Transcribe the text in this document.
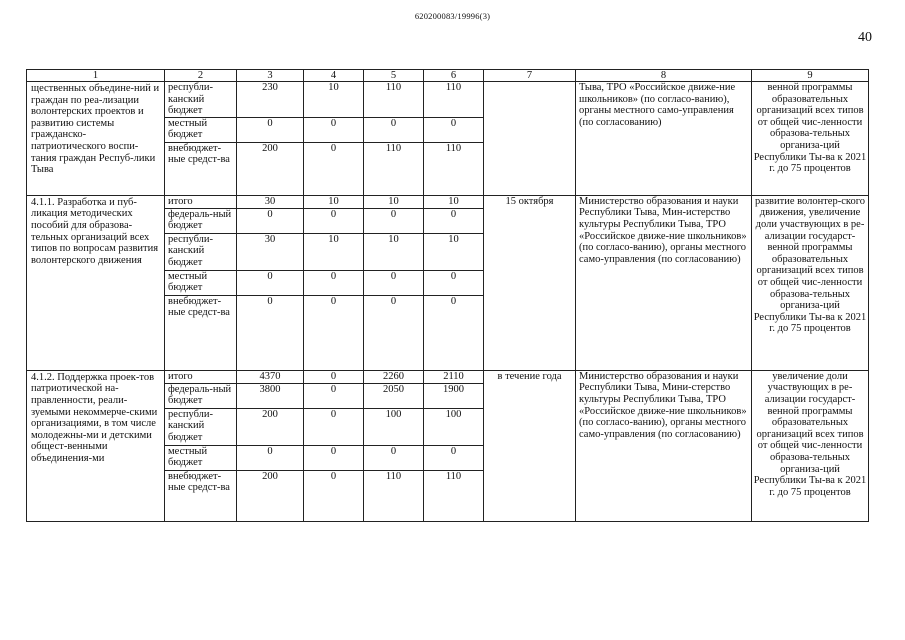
620200083/19996(3)
40
1	2	3	4	5	6	7	8	9
щественных объедине-ний и граждан по реа-лизации волонтерских проектов и развитию системы гражданско-патриотического воспи-тания граждан Респуб-лики Тыва	республи-канский бюджет	230	10	110	110		Тыва, ТРО «Российское движе-ние школьников» (по согласо-ванию), органы местного само-управления (по согласованию)	венной программы образовательных организаций всех типов от общей чис-ленности образова-тельных организа-ций Республики Ты-ва к 2021 г. до 75 процентов
	местный бюджет	0	0	0	0			
	внебюджет-ные средст-ва	200	0	110	110			
4.1.1. Разработка и пуб-ликация методических пособий для образова-тельных организаций всех типов по вопросам развития волонтерского движения	итого	30	10	10	10	15 октября	Министерство образования и науки Республики Тыва, Мин-истерство культуры Республики Тыва, ТРО «Российское движе-ние школьников» (по согласо-ванию), органы местного само-управления (по согласованию)	развитие волонтер-ского движения, увеличение доли участвующих в ре-ализации государст-венной программы образовательных организаций всех типов от общей чис-ленности образова-тельных организа-ций Республики Ты-ва к 2021 г. до 75 процентов
	федераль-ный бюджет	0	0	0	0			
	республи-канский бюджет	30	10	10	10			
	местный бюджет	0	0	0	0			
	внебюджет-ные средст-ва	0	0	0	0			
4.1.2. Поддержка проек-тов патриотической на-правленности, реали-зуемыми некоммерче-скими организациями, в том числе молодежны-ми и детскими общест-венными объединения-ми	итого	4370	0	2260	2110	в течение года	Министерство образования и науки Республики Тыва, Мини-стерство культуры Республики Тыва, ТРО «Российское движе-ние школьников» (по согласо-ванию), органы местного само-управления (по согласованию)	увеличение доли участвующих в ре-ализации государст-венной программы образовательных организаций всех типов от общей чис-ленности образова-тельных организа-ций Республики Ты-ва к 2021 г. до 75 процентов
	федераль-ный бюджет	3800	0	2050	1900			
	республи-канский бюджет	200	0	100	100			
	местный бюджет	0	0	0	0			
	внебюджет-ные средст-ва	200	0	110	110			
